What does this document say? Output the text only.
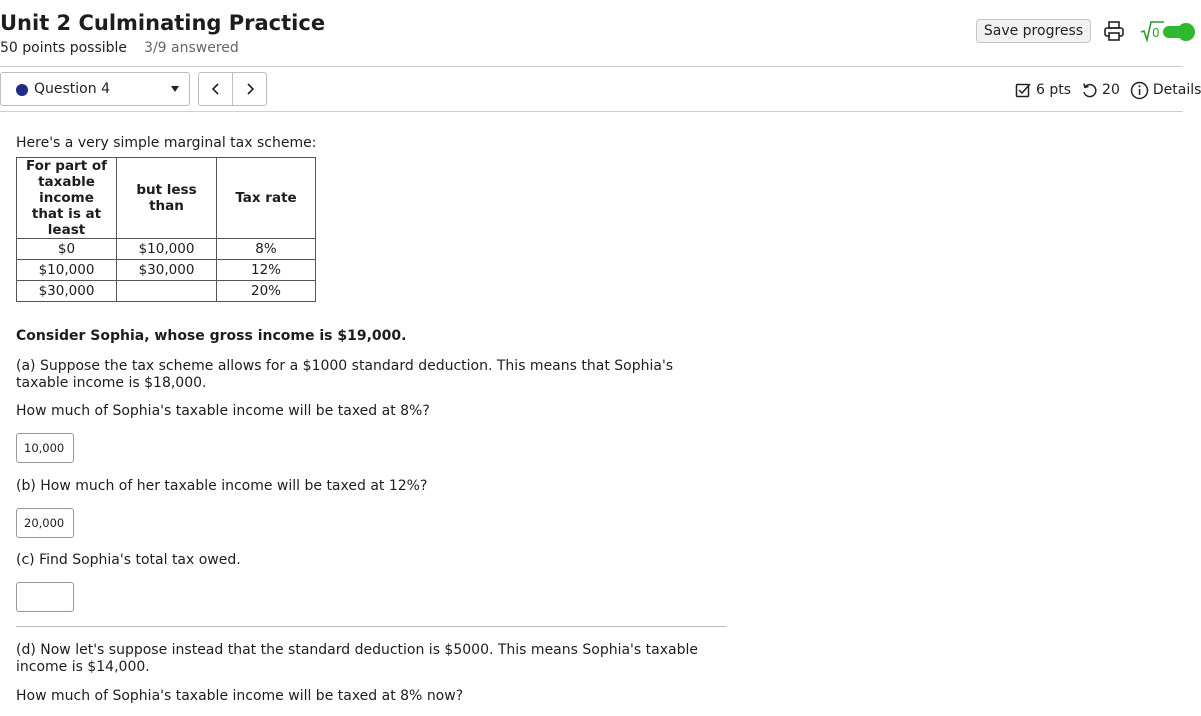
Unit 2 Culminating Practice
50 points possible 3/9 answered
Save progress	0
Question 4	6 pts 20 Details
Here's a very simple marginal tax scheme:
For part of taxable income that is at least	but less than	Tax rate
$0	$10,000	8%
$10,000	$30,000	12%
$30,000		20%
Consider Sophia, whose gross income is $19,000.
(a) Suppose the tax scheme allows for a $1000 standard deduction. This means that Sophia's taxable income is $18,000.
How much of Sophia's taxable income will be taxed at 8%?
10,000
(b) How much of her taxable income will be taxed at 12%?
20,000
(c) Find Sophia's total tax owed.
(d) Now let's suppose instead that the standard deduction is $5000. This means Sophia's taxable income is $14,000.
How much of Sophia's taxable income will be taxed at 8% now?
